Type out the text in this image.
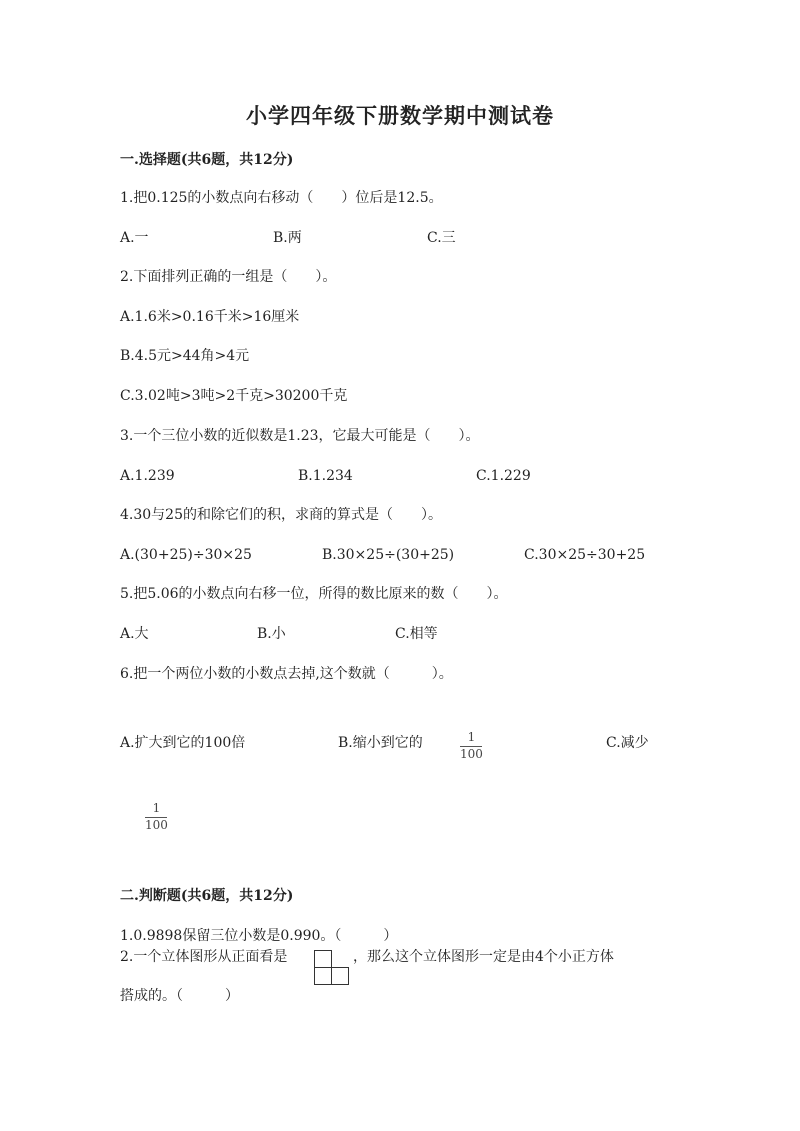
小学四年级下册数学期中测试卷
一.选择题(共6题，共12分)
1.把0.125的小数点向右移动（　　）位后是12.5。
A.一	B.两	C.三
2.下面排列正确的一组是（　　）。
A.1.6米>0.16千米>16厘米
B.4.5元>44角>4元
C.3.02吨>3吨>2千克>30200千克
3.一个三位小数的近似数是1.23，它最大可能是（　　）。
A.1.239	B.1.234	C.1.229
4.30与25的和除它们的积，求商的算式是（　　）。
A.(30+25)÷30×25	B.30×25÷(30+25)	C.30×25÷30+25
5.把5.06的小数点向右移一位，所得的数比原来的数（　　）。
A.大	B.小	C.相等
6.把一个两位小数的小数点去掉,这个数就（　　　）。
A.扩大到它的100倍	B.缩小到它的	1
100
C.减少
1
100
二.判断题(共6题，共12分)
1.0.9898保留三位小数是0.990。（　　　）
2.一个立体图形从正面看是	，那么这个立体图形一定是由4个小正方体
搭成的。（　　　）
